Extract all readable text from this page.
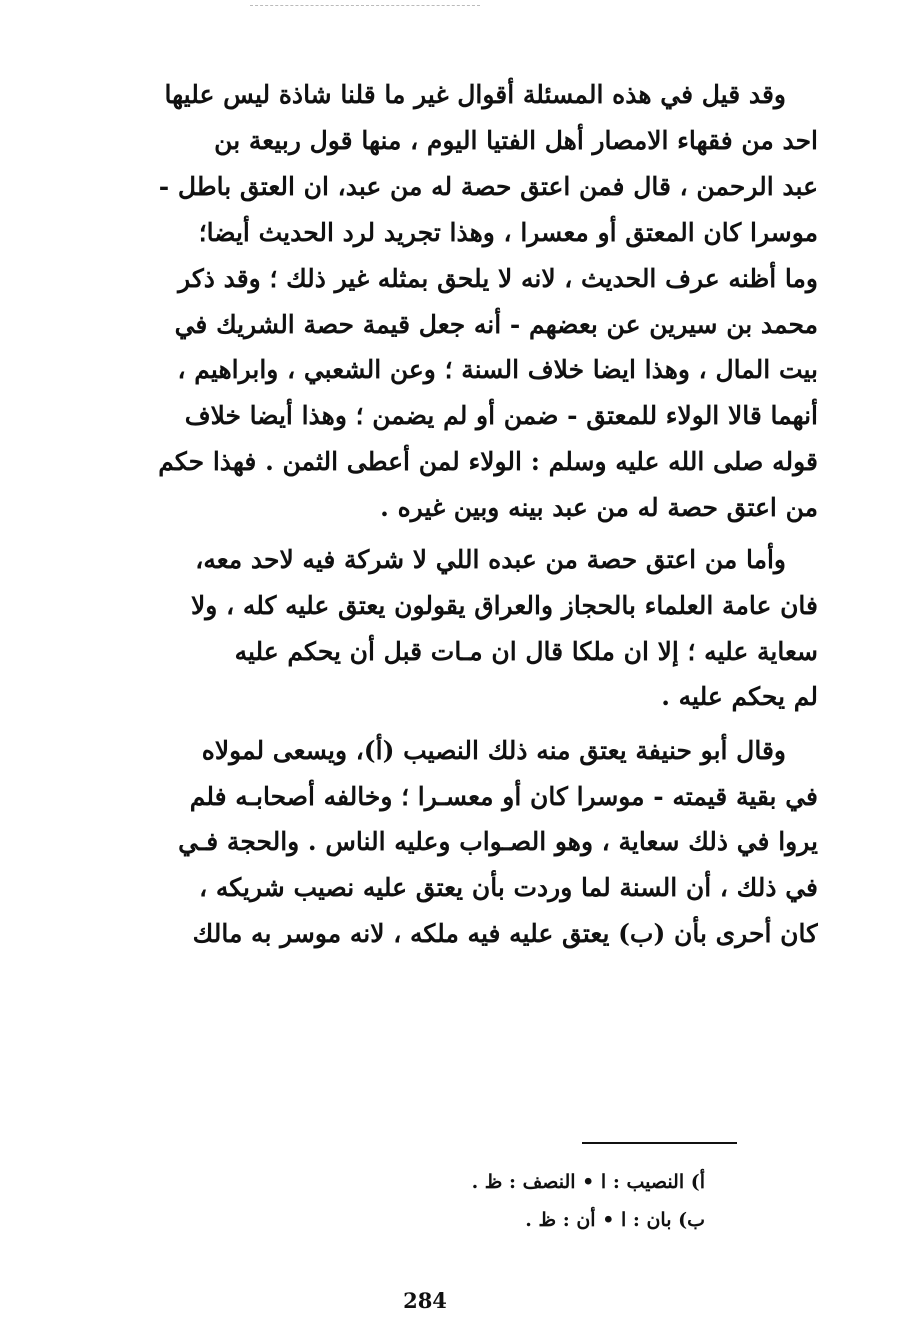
وقد قيل في هذه المسئلة أقوال غير ما قلنا شاذة ليس عليها
احد من فقهاء الامصار أهل الفتيا اليوم ، منها قول ربيعة بن
عبد الرحمن ، قال فمن اعتق حصة له من عبد، ان العتق باطل -
موسرا كان المعتق أو معسرا ، وهذا تجريد لرد الحديث أيضا؛
وما أظنه عرف الحديث ، لانه لا يلحق بمثله غير ذلك ؛ وقد ذكر
محمد بن سيرين عن بعضهم - أنه جعل قيمة حصة الشريك في
بيت المال ، وهذا ايضا خلاف السنة ؛ وعن الشعبي ، وابراهيم ،
أنهما قالا الولاء للمعتق - ضمن أو لم يضمن ؛ وهذا أيضا خلاف
قوله صلى الله عليه وسلم : الولاء لمن أعطى الثمن . فهذا حكم
من اعتق حصة له من عبد بينه وبين غيره .

وأما من اعتق حصة من عبده اللي لا شركة فيه لاحد معه،
فان عامة العلماء بالحجاز والعراق يقولون يعتق عليه كله ، ولا
سعاية عليه ؛ إلا ان ملكا قال ان مـات قبل أن يحكم عليه
لم يحكم عليه .

وقال أبو حنيفة يعتق منه ذلك النصيب (أ)، ويسعى لمولاه
في بقية قيمته - موسرا كان أو معسـرا ؛ وخالفه أصحابـه فلم
يروا في ذلك سعاية ، وهو الصـواب وعليه الناس . والحجة فـي
في ذلك ، أن السنة لما وردت بأن يعتق عليه نصيب شريكه ،
كان أحرى بأن (ب) يعتق عليه فيه ملكه ، لانه موسر به مالك

أ) النصيب : ا • النصف : ظ .
ب) بان : ا • أن : ظ .
284
